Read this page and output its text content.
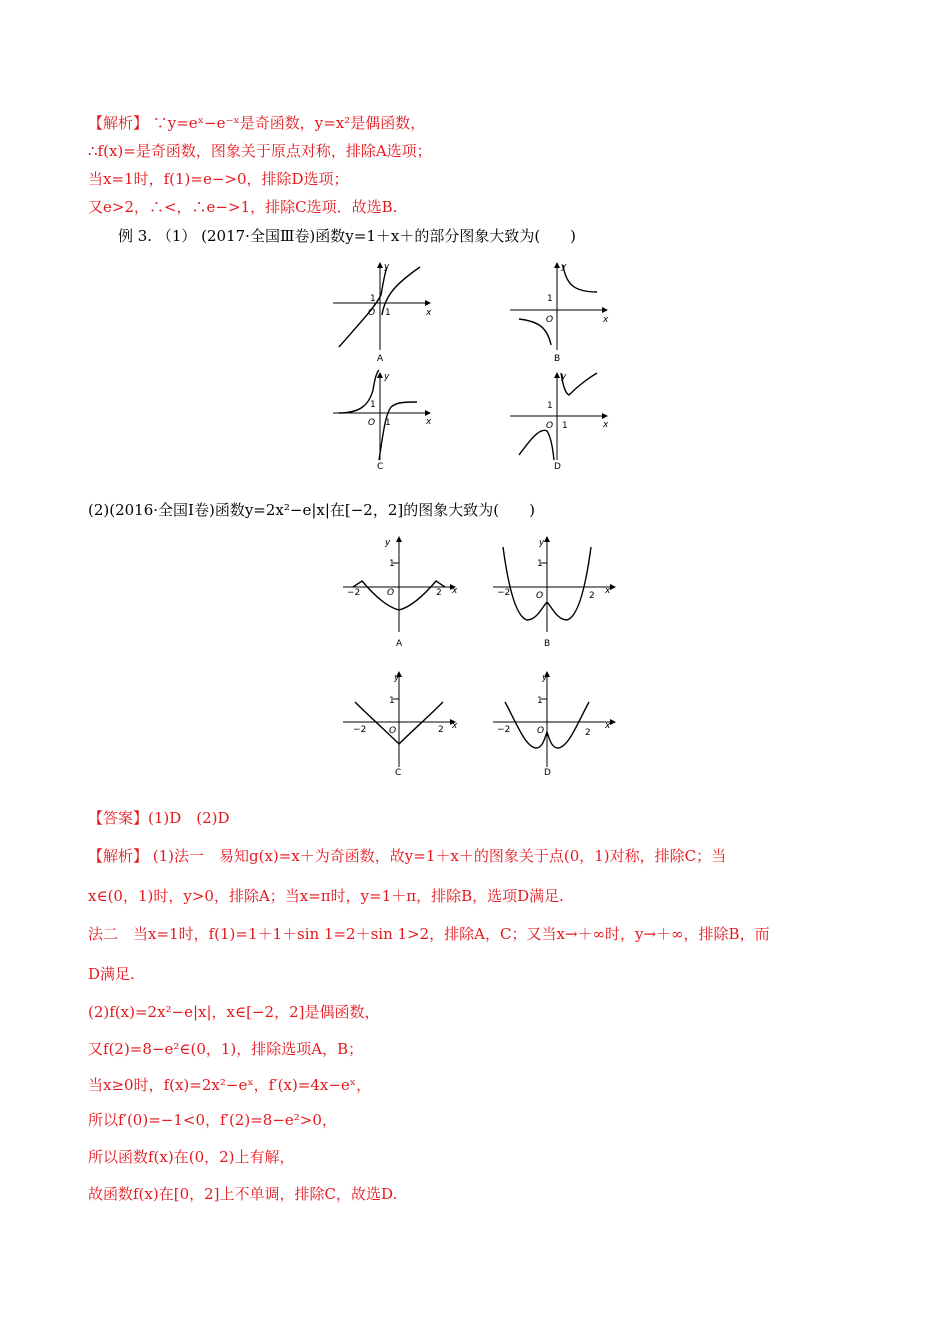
【解析】 ∵y=eˣ−e⁻ˣ是奇函数，y=x²是偶函数，
∴f(x)=是奇函数，图象关于原点对称，排除A选项；
当x=1时，f(1)=e−>0，排除D选项；
又e>2，∴<，∴e−>1，排除C选项．故选B.
例 3. （1） (2017·全国Ⅲ卷)函数y=1＋x＋的部分图象大致为(　　)
x
y
O
1
1
A
x
y
O
1
B
x
y
O
1
1
C
x
y
O
1
1
D
(2)(2016·全国Ⅰ卷)函数y=2x²−e|x|在[−2，2]的图象大致为(　　)
x
y
1
O
−2	2
A
x
y
1
O
−2	2
B
x
y
1
O
−2	2
C
x
y
1
O
−2	2
D
【答案】(1)D　(2)D
【解析】 (1)法一　易知g(x)=x＋为奇函数，故y=1＋x＋的图象关于点(0，1)对称，排除C；当
x∈(0，1)时，y>0，排除A；当x=π时，y=1＋π，排除B，选项D满足.
法二　当x=1时，f(1)=1＋1＋sin 1=2＋sin 1>2，排除A，C；又当x→＋∞时，y→＋∞，排除B，而
D满足.
(2)f(x)=2x²−e|x|，x∈[−2，2]是偶函数，
又f(2)=8−e²∈(0，1)，排除选项A，B；
当x≥0时，f(x)=2x²−eˣ，f′(x)=4x−eˣ，
所以f′(0)=−1<0，f′(2)=8−e²>0，
所以函数f(x)在(0，2)上有解，
故函数f(x)在[0，2]上不单调，排除C，故选D.
